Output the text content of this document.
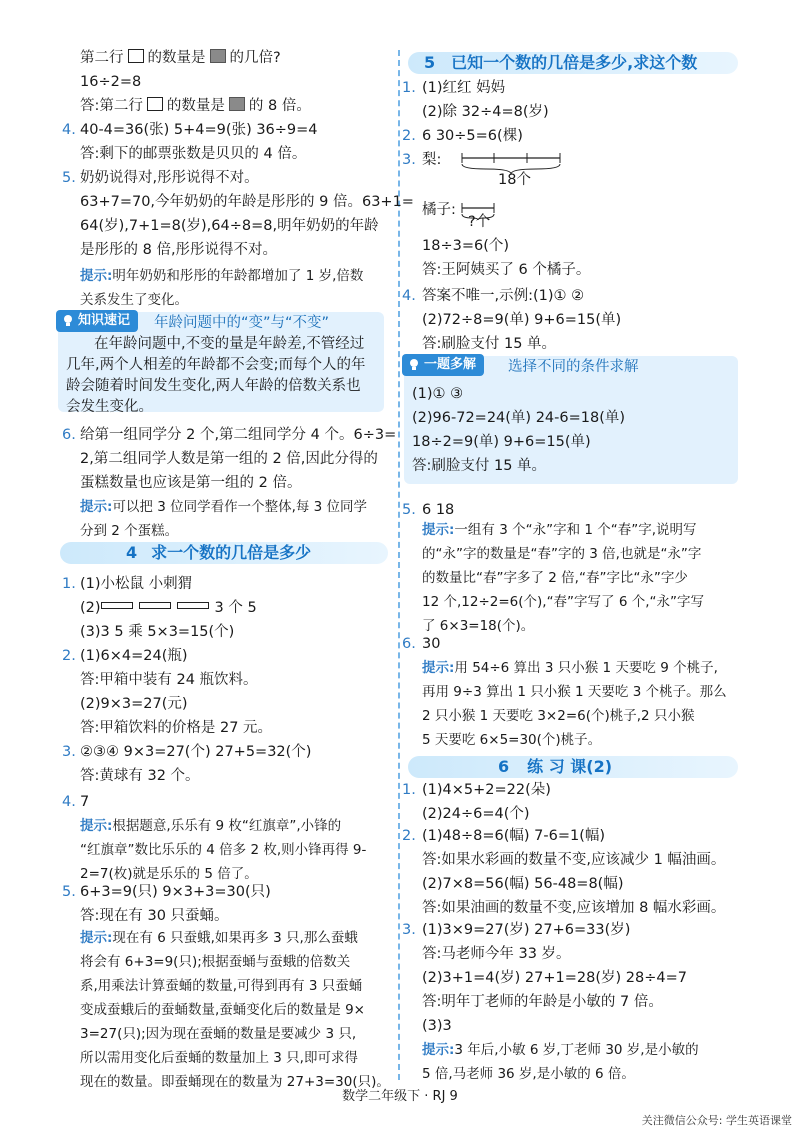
第二行 的数量是 的几倍?
16÷2=8
答:第二行 的数量是 的 8 倍。
4. 40-4=36(张) 5+4=9(张) 36÷9=4
答:剩下的邮票张数是贝贝的 4 倍。
5. 奶奶说得对,彤彤说得不对。
63+7=70,今年奶奶的年龄是彤彤的 9 倍。63+1=
64(岁),7+1=8(岁),64÷8=8,明年奶奶的年龄
是彤彤的 8 倍,彤彤说得不对。
提示:明年奶奶和彤彤的年龄都增加了 1 岁,倍数
关系发生了变化。
6. 给第一组同学分 2 个,第二组同学分 4 个。6÷3=
2,第二组同学人数是第一组的 2 倍,因此分得的
蛋糕数量也应该是第一组的 2 倍。
提示:可以把 3 位同学看作一个整体,每 3 位同学
分到 2 个蛋糕。
1. (1)小松鼠 小刺猬
(2)	3 个 5
(3)3 5 乘 5×3=15(个)
2. (1)6×4=24(瓶)
答:甲箱中装有 24 瓶饮料。
(2)9×3=27(元)
答:甲箱饮料的价格是 27 元。
3. ②③④ 9×3=27(个) 27+5=32(个)
答:黄球有 32 个。
4. 7
提示:根据题意,乐乐有 9 枚“红旗章”,小锋的
“红旗章”数比乐乐的 4 倍多 2 枚,则小锋再得 9-
2=7(枚)就是乐乐的 5 倍了。
5. 6+3=9(只) 9×3+3=30(只)
答:现在有 30 只蚕蛹。
提示:现在有 6 只蚕蛾,如果再多 3 只,那么蚕蛾
将会有 6+3=9(只);根据蚕蛹与蚕蛾的倍数关
系,用乘法计算蚕蛹的数量,可得到再有 3 只蚕蛹
变成蚕蛾后的蚕蛹数量,蚕蛹变化后的数量是 9×
3=27(只);因为现在蚕蛹的数量是要减少 3 只,
所以需用变化后蚕蛹的数量加上 3 只,即可求得
现在的数量。即蚕蛹现在的数量为 27+3=30(只)。
知识速记	年龄问题中的“变”与“不变”
在年龄问题中,不变的量是年龄差,不管经过
几年,两个人相差的年龄都不会变;而每个人的年
龄会随着时间发生变化,两人年龄的倍数关系也
会发生变化。
4 求一个数的几倍是多少
5 已知一个数的几倍是多少,求这个数
1. (1)红红 妈妈
(2)除 32÷4=8(岁)
2. 6 30÷5=6(棵)
3. 梨:
橘子:
18÷3=6(个)
答:王阿姨买了 6 个橘子。
4. 答案不唯一,示例:(1)① ②
(2)72÷8=9(单) 9+6=15(单)
答:刷脸支付 15 单。
5. 6 18
提示:一组有 3 个“永”字和 1 个“春”字,说明写
的“永”字的数量是“春”字的 3 倍,也就是“永”字
的数量比“春”字多了 2 倍,“春”字比“永”字少
12 个,12÷2=6(个),“春”字写了 6 个,“永”字写
了 6×3=18(个)。
6. 30
提示:用 54÷6 算出 3 只小猴 1 天要吃 9 个桃子,
再用 9÷3 算出 1 只小猴 1 天要吃 3 个桃子。那么
2 只小猴 1 天要吃 3×2=6(个)桃子,2 只小猴
5 天要吃 6×5=30(个)桃子。
1. (1)4×5+2=22(朵)
(2)24÷6=4(个)
2. (1)48÷8=6(幅) 7-6=1(幅)
答:如果水彩画的数量不变,应该减少 1 幅油画。
(2)7×8=56(幅) 56-48=8(幅)
答:如果油画的数量不变,应该增加 8 幅水彩画。
3. (1)3×9=27(岁) 27+6=33(岁)
答:马老师今年 33 岁。
(2)3+1=4(岁) 27+1=28(岁) 28÷4=7
答:明年丁老师的年龄是小敏的 7 倍。
(3)3
提示:3 年后,小敏 6 岁,丁老师 30 岁,是小敏的
5 倍,马老师 36 岁,是小敏的 6 倍。
18个
?个
一题多解	选择不同的条件求解
(1)① ③
(2)96-72=24(单) 24-6=18(单)
18÷2=9(单) 9+6=15(单)
答:刷脸支付 15 单。
6 练 习 课(2)
数学二年级下 · RJ 9
关注微信公众号: 学生英语课堂
